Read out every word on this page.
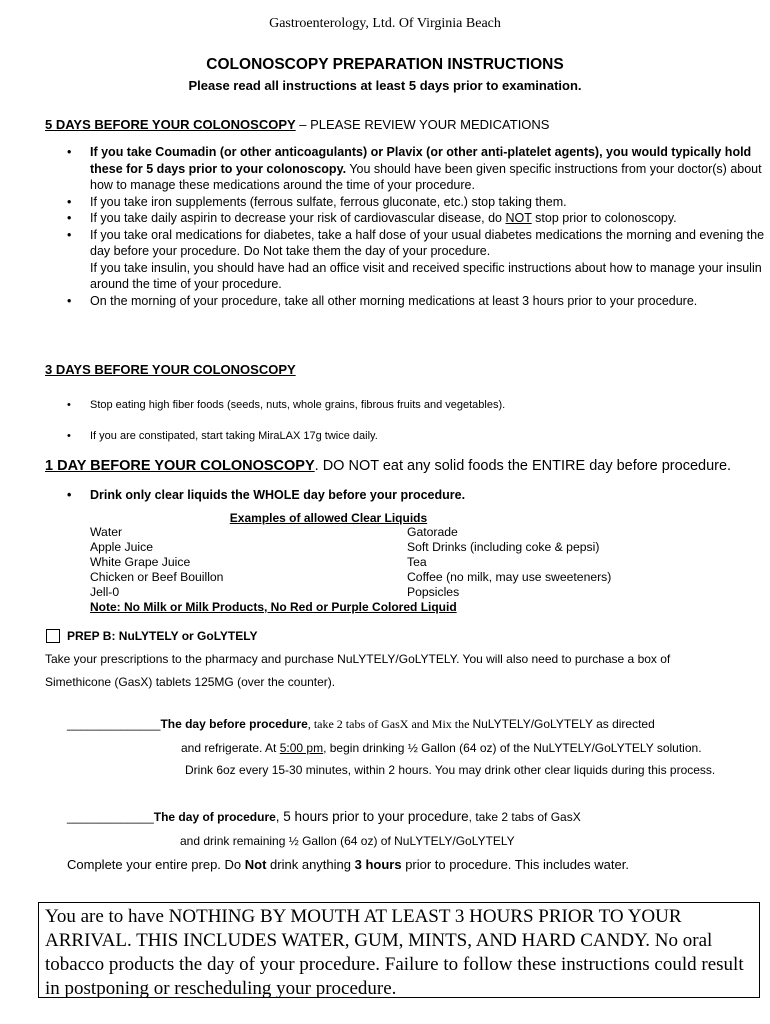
Gastroenterology, Ltd. Of Virginia Beach
COLONOSCOPY PREPARATION INSTRUCTIONS
Please read all instructions at least 5 days prior to examination.
5 DAYS BEFORE YOUR COLONOSCOPY – PLEASE REVIEW YOUR MEDICATIONS
• If you take Coumadin (or other anticoagulants) or Plavix (or other anti-platelet agents), you would typically hold these for 5 days prior to your colonoscopy. You should have been given specific instructions from your doctor(s) about how to manage these medications around the time of your procedure.
• If you take iron supplements (ferrous sulfate, ferrous gluconate, etc.) stop taking them.
• If you take daily aspirin to decrease your risk of cardiovascular disease, do NOT stop prior to colonoscopy.
• If you take oral medications for diabetes, take a half dose of your usual diabetes medications the morning and evening the day before your procedure. Do Not take them the day of your procedure.
If you take insulin, you should have had an office visit and received specific instructions about how to manage your insulin around the time of your procedure.
• On the morning of your procedure, take all other morning medications at least 3 hours prior to your procedure.
3 DAYS BEFORE YOUR COLONOSCOPY
• Stop eating high fiber foods (seeds, nuts, whole grains, fibrous fruits and vegetables).
• If you are constipated, start taking MiraLAX 17g twice daily.
1 DAY BEFORE YOUR COLONOSCOPY. DO NOT eat any solid foods the ENTIRE day before procedure.
• Drink only clear liquids the WHOLE day before your procedure.
Examples of allowed Clear Liquids
Water
Apple Juice
White Grape Juice
Chicken or Beef Bouillon
Jell-0
Gatorade
Soft Drinks (including coke & pepsi)
Tea
Coffee (no milk, may use sweeteners)
Popsicles
Note: No Milk or Milk Products, No Red or Purple Colored Liquid
PREP B: NuLYTELY or GoLYTELY
Take your prescriptions to the pharmacy and purchase NuLYTELY/GoLYTELY. You will also need to purchase a box of
Simethicone (GasX) tablets 125MG (over the counter).
______________The day before procedure, take 2 tabs of GasX and Mix the NuLYTELY/GoLYTELY as directed
and refrigerate. At 5:00 pm, begin drinking ½ Gallon (64 oz) of the NuLYTELY/GoLYTELY solution.
Drink 6oz every 15-30 minutes, within 2 hours. You may drink other clear liquids during this process.
_____________The day of procedure, 5 hours prior to your procedure, take 2 tabs of GasX
and drink remaining ½ Gallon (64 oz) of NuLYTELY/GoLYTELY
Complete your entire prep. Do Not drink anything 3 hours prior to procedure. This includes water.
You are to have NOTHING BY MOUTH AT LEAST 3 HOURS PRIOR TO YOUR ARRIVAL. THIS INCLUDES WATER, GUM, MINTS, AND HARD CANDY. No oral tobacco products the day of your procedure. Failure to follow these instructions could result in postponing or rescheduling your procedure.
